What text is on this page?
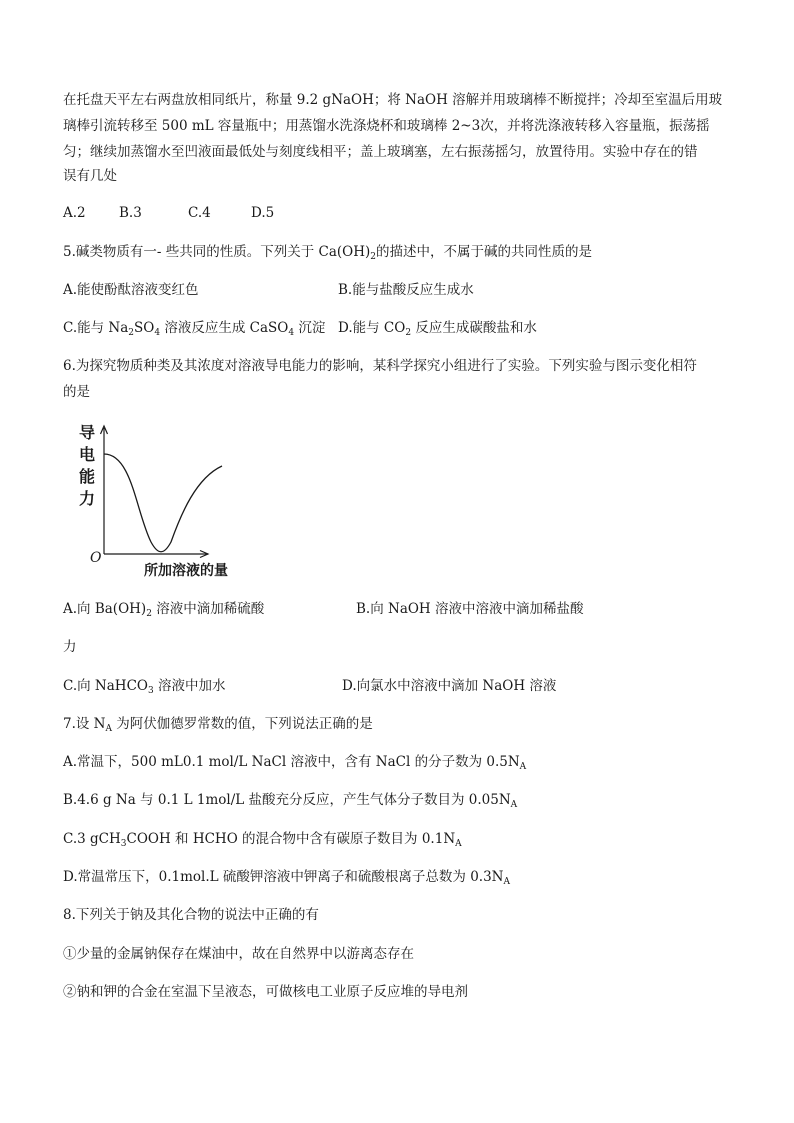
在托盘天平左右两盘放相同纸片，称量 9.2 gNaOH；将 NaOH 溶解并用玻璃棒不断搅拌；冷却至室温后用玻
璃棒引流转移至 500 mL 容量瓶中；用蒸馏水洗涤烧杯和玻璃棒 2~3次，并将洗涤液转移入容量瓶，振荡摇
匀；继续加蒸馏水至凹液面最低处与刻度线相平；盖上玻璃塞，左右振荡摇匀，放置待用。实验中存在的错
误有几处
A.2 B.3	C.4	D.5
5.碱类物质有一- 些共同的性质。下列关于 $Ca(OH)_2$的描述中，不属于碱的共同性质的是
A.能使酚酞溶液变红色	B.能与盐酸反应生成水
C.能与 $Na_2SO_4$ 溶液反应生成 CaSO$_4$ 沉淀 D.能与 $CO_2$ 反应生成碳酸盐和水
6.为探究物质种类及其浓度对溶液导电能力的影响，某科学探究小组进行了实验。下列实验与图示变化相符
的是
导
电
能
力
O
所加溶液的量
A.向 $Ba(OH)_2$ 溶液中滴加稀硫酸	B.向 NaOH 溶液中溶液中滴加稀盐酸
力
C.向 NaHCO$_3$ 溶液中加水	D.向氯水中溶液中滴加 NaOH 溶液
7.设 $N_A$ 为阿伏伽德罗常数的值，下列说法正确的是
A.常温下，500 mL0.1 mol/L NaCl 溶液中，含有 NaCl 的分子数为 $0.5N_A$
B.4.6 g Na 与 0.1 L 1mol/L 盐酸充分反应，产生气体分子数目为 $0.05N_A$
C.3 gCH$_3$COOH 和 HCHO 的混合物中含有碳原子数目为 $0.1N_A$
D.常温常压下，0.1mol.L 硫酸钾溶液中钾离子和硫酸根离子总数为 $0.3N_A$
8.下列关于钠及其化合物的说法中正确的有
①少量的金属钠保存在煤油中，故在自然界中以游离态存在
②钠和钾的合金在室温下呈液态，可做核电工业原子反应堆的导电剂
